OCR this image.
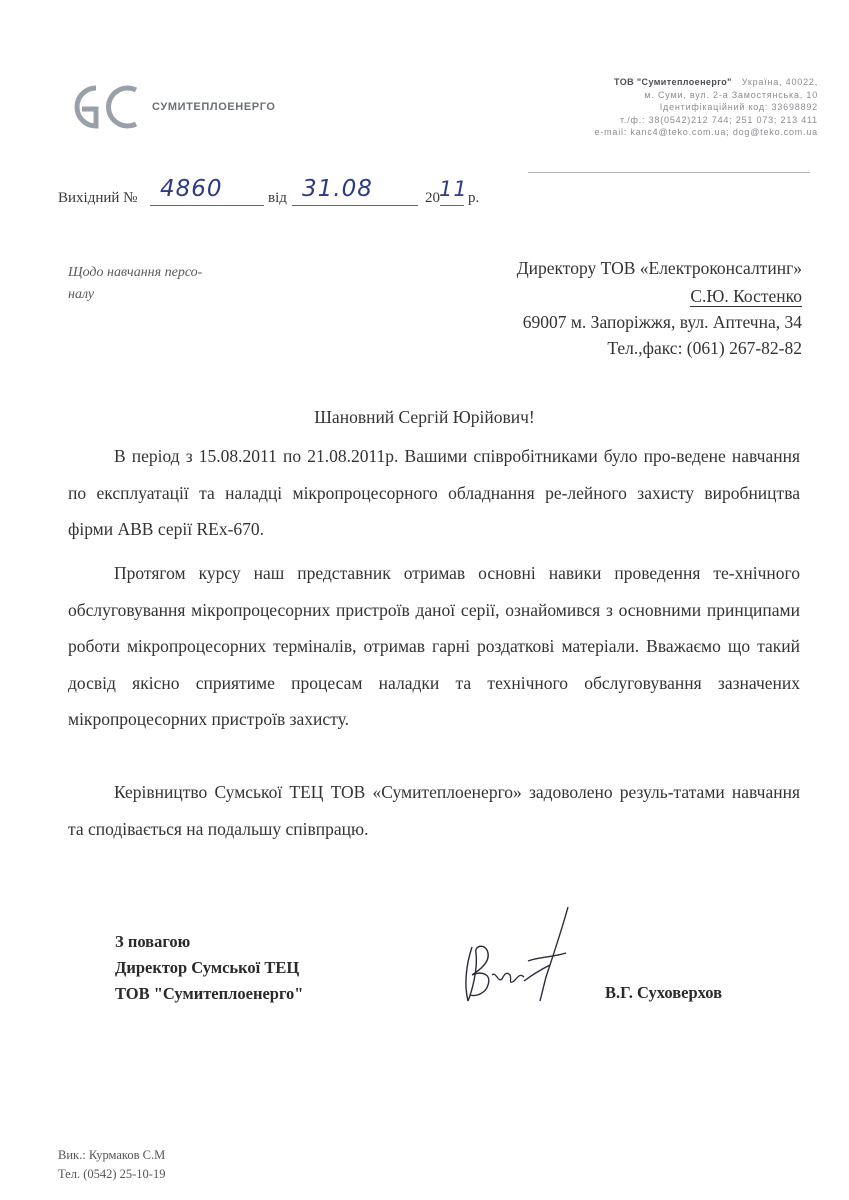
СУМИТЕПЛОЕНЕРГО
ТОВ "Сумитеплоенерго" Україна, 40022,
м. Суми, вул. 2-а Замостянська, 10
Ідентифікаційний код: 33698892
т./ф.: 38(0542)212 744; 251 073; 213 411
e-mail: kanc4@teko.com.ua; dog@teko.com.ua
Вихідний № 4860	від 31.08	20 11 р.
Щодо навчання персо-
налу
Директору ТОВ «Електроконсалтинг»
С.Ю. Костенко
69007 м. Запоріжжя, вул. Аптечна, 34
Тел.,факс: (061) 267-82-82
Шановний Сергій Юрійович!
В період з 15.08.2011 по 21.08.2011р. Вашими співробітниками було про-ведене навчання по експлуатації та наладці мікропроцесорного обладнання ре-лейного захисту виробництва фірми АВВ серії REx-670.
Протягом курсу наш представник отримав основні навики проведення те-хнічного обслуговування мікропроцесорних пристроїв даної серії, ознайомився з основними принципами роботи мікропроцесорних терміналів, отримав гарні роздаткові матеріали. Вважаємо що такий досвід якісно сприятиме процесам наладки та технічного обслуговування зазначених мікропроцесорних пристроїв захисту.
Керівництво Сумської ТЕЦ ТОВ «Сумитеплоенерго» задоволено резуль-татами навчання та сподівається на подальшу співпрацю.
З повагою
Директор Сумської ТЕЦ
ТОВ "Сумитеплоенерго"	В.Г. Суховерхов
Вик.: Курмаков С.М
Тел. (0542) 25-10-19
